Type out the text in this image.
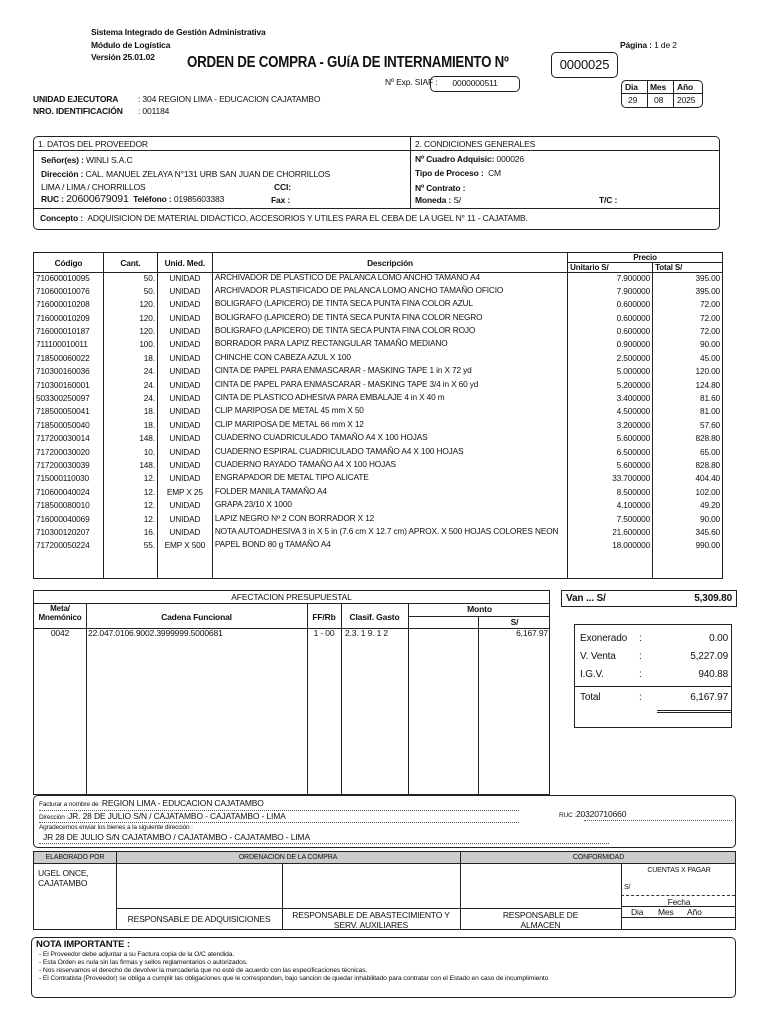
Sistema Integrado de Gestión Administrativa
Módulo de Logística
Versión 25.01.02
Página : 1 de 2
ORDEN DE COMPRA - GUíA DE INTERNAMIENTO Nº	0000025
Nº Exp. SIAF :	0000000511	Dia Mes Año
29 08 2025
UNIDAD EJECUTORA : 304 REGION LIMA - EDUCACION CAJATAMBO
NRO. IDENTIFICACIÓN : 001184
1. DATOS DEL PROVEEDOR	2. CONDICIONES GENERALES
Señor(es) : WINLI S.A.C
Dirección : CAL. MANUEL ZELAYA N°131 URB SAN JUAN DE CHORRILLOS
LIMA / LIMA / CHORRILLOS	CCI:
RUC : 20600679091 Teléfono : 01985603383	Fax :
Nº Cuadro Adquisic: 000026
Tipo de Proceso : CM
Nº Contrato :
Moneda : S/	T/C :
Concepto : ADQUISICION DE MATERIAL DIDACTICO, ACCESORIOS Y UTILES PARA EL CEBA DE LA UGEL N° 11 - CAJATAMB.
Código	Cant.	Unid. Med.	Descripción	Precio	
				Unitario S/	Total S/
710600010095	50.	UNIDAD	ARCHIVADOR DE PLASTICO DE PALANCA LOMO ANCHO TAMANO A4	7.900000	395.00
710600010076	50.	UNIDAD	ARCHIVADOR PLASTIFICADO DE PALANCA LOMO ANCHO TAMAÑO OFICIO	7.900000	395.00
716000010208	120.	UNIDAD	BOLIGRAFO (LAPICERO) DE TINTA SECA PUNTA FINA COLOR AZUL	0.600000	72.00
716000010209	120.	UNIDAD	BOLIGRAFO (LAPICERO) DE TINTA SECA PUNTA FINA COLOR NEGRO	0.600000	72.00
716000010187	120.	UNIDAD	BOLIGRAFO (LAPICERO) DE TINTA SECA PUNTA FINA COLOR ROJO	0.600000	72.00
711100010011	100.	UNIDAD	BORRADOR PARA LAPIZ RECTANGULAR TAMAÑO MEDIANO	0.900000	90.00
718500060022	18.	UNIDAD	CHINCHE CON CABEZA AZUL X 100	2.500000	45.00
710300160036	24.	UNIDAD	CINTA DE PAPEL PARA ENMASCARAR - MASKING TAPE 1 in X 72 yd	5.000000	120.00
710300160001	24.	UNIDAD	CINTA DE PAPEL PARA ENMASCARAR - MASKING TAPE 3/4 in X 60 yd	5.200000	124.80
503300250097	24.	UNIDAD	CINTA DE PLASTICO ADHESIVA PARA EMBALAJE 4 in X 40 m	3.400000	81.60
718500050041	18.	UNIDAD	CLIP MARIPOSA DE METAL 45 mm X 50	4.500000	81.00
718500050040	18.	UNIDAD	CLIP MARIPOSA DE METAL 66 mm X 12	3.200000	57.60
717200030014	148.	UNIDAD	CUADERNO CUADRICULADO TAMAÑO A4 X 100 HOJAS	5.600000	828.80
717200030020	10.	UNIDAD	CUADERNO ESPIRAL CUADRICULADO TAMAÑO A4 X 100 HOJAS	6.500000	65.00
717200030039	148.	UNIDAD	CUADERNO RAYADO TAMAÑO A4 X 100 HOJAS	5.600000	828.80
715000110030	12.	UNIDAD	ENGRAPADOR DE METAL TIPO ALICATE	33.700000	404.40
710600040024	12.	EMP X 25	FOLDER MANILA TAMAÑO A4	8.500000	102.00
718500080010	12.	UNIDAD	GRAPA 23/10 X 1000	4.100000	49.20
716000040069	12.	UNIDAD	LAPIZ NEGRO Nº 2 CON BORRADOR X 12	7.500000	90.00
710300120207	16.	UNIDAD	NOTA AUTOADHESIVA 3 in X 5 in (7.6 cm X 12.7 cm) APROX. X 500 HOJAS COLORES NEON	21.600000	345.60
717200050224	55.	EMP X 500	PAPEL BOND 80 g TAMAÑO A4	18.000000	990.00

AFECTACION PRESUPUESTAL
Meta/ Mnemónico	Cadena Funcional	FF/Rb	Clasif. Gasto
Monto
S/
0042	22.047.0106.9002.3999999.5000681	1 - 00	2.3. 1 9. 1 2	6,167.97
Van ... S/	5,309.80
Exonerado :	0.00
V. Venta :	5,227.09
I.G.V.	:	940.88
Total	:	6,167.97
Facturar a nombre de :REGION LIMA - EDUCACION CAJATAMBO
Dirección :JR. 28 DE JULIO S/N / CAJATAMBO - CAJATAMBO - LIMA	RUC :20320710660
Agradecemos enviar los bienes a la siguiente dirección :
JR 28 DE JULIO S/N CAJATAMBO / CAJATAMBO - CAJATAMBO - LIMA
ELABORADO POR	ORDENACION DE LA COMPRA	CONFORMIDAD
UGEL ONCE, CAJATAMBO
RESPONSABLE DE ADQUISICIONES	RESPONSABLE DE ABASTECIMIENTO Y SERV. AUXILIARES
RESPONSABLE DE ALMACEN
CUENTAS X PAGAR
S/
Fecha
Dia Mes Año
NOTA IMPORTANTE :
- El Proveedor debe adjuntar a su Factura copia de la O/C atendida.
- Esta Orden es nula sin las firmas y sellos reglamentarios o autorizados.
- Nos reservamos el derecho de devolver la mercadería que no esté de acuerdo con las especificaciones técnicas.
- El Contratista (Proveedor) se obliga a cumplir las obligaciones que le corresponden, bajo sancion de quedar inhabilitado para contratar con el Estado en caso de incumplimiento
